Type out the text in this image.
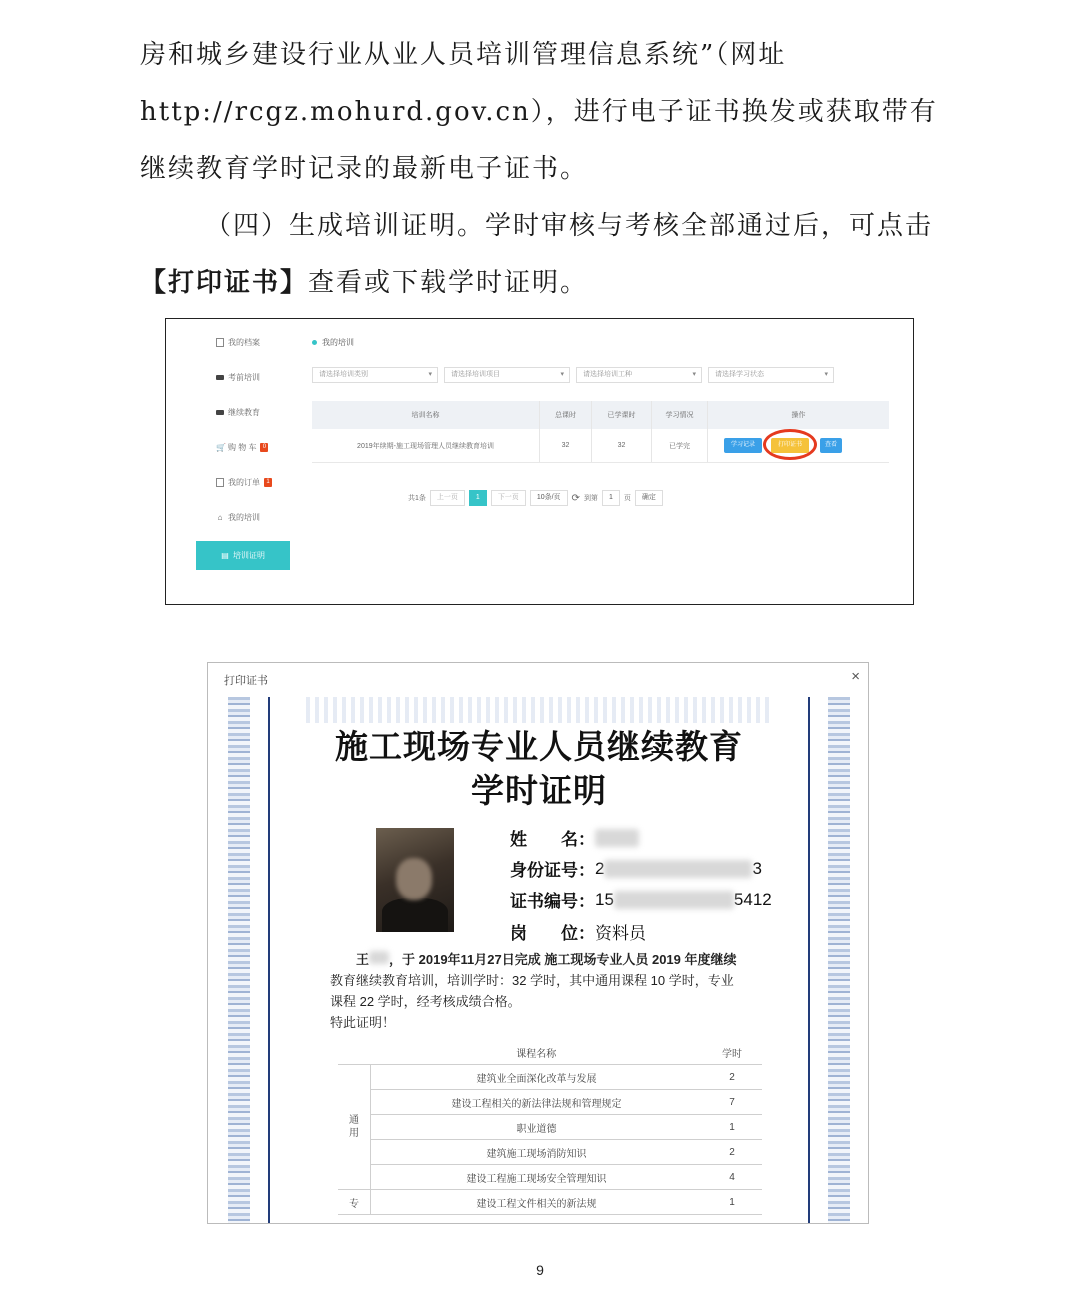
房和城乡建设行业从业人员培训管理信息系统”（网址
http://rcgz.mohurd.gov.cn），进行电子证书换发或获取带有
继续教育学时记录的最新电子证书。
（四）生成培训证明。学时审核与考核全部通过后，可点击
【打印证书】查看或下载学时证明。
我的档案
考前培训
继续教育
🛒 购 物 车	0
我的订单	1
⌂ 我的培训
▤ 培训证明
我的培训
请选择培训类别	▾	请选择培训项目	▾	请选择培训工种	▾	请选择学习状态	▾
培训名称	总课时	已学课时	学习情况	操作
2019年续期-施工现场管理人员继续教育培训	32	32	已学完	学习记录	打印证书	查看
共1条	上一页	1	下一页	10条/页	⟳ 到第	1	页	确定
打印证书	×
施工现场专业人员继续教育
学时证明
姓　　名：
身份证号： 2	3
证书编号： 15	5412
岗　　位： 资料员
王 ，于 2019年11月27日完成 施工现场专业人员 2019 年度继续
教育继续教育培训，培训学时：32 学时，其中通用课程 10 学时，专业
课程 22 学时，经考核成绩合格。
特此证明！
	课程名称	学时
通用	建筑业全面深化改革与发展	2
	建设工程相关的新法律法规和管理规定	7
	职业道德	1
	建筑施工现场消防知识	2
	建设工程施工现场安全管理知识	4
专	建设工程文件相关的新法规	1
9
